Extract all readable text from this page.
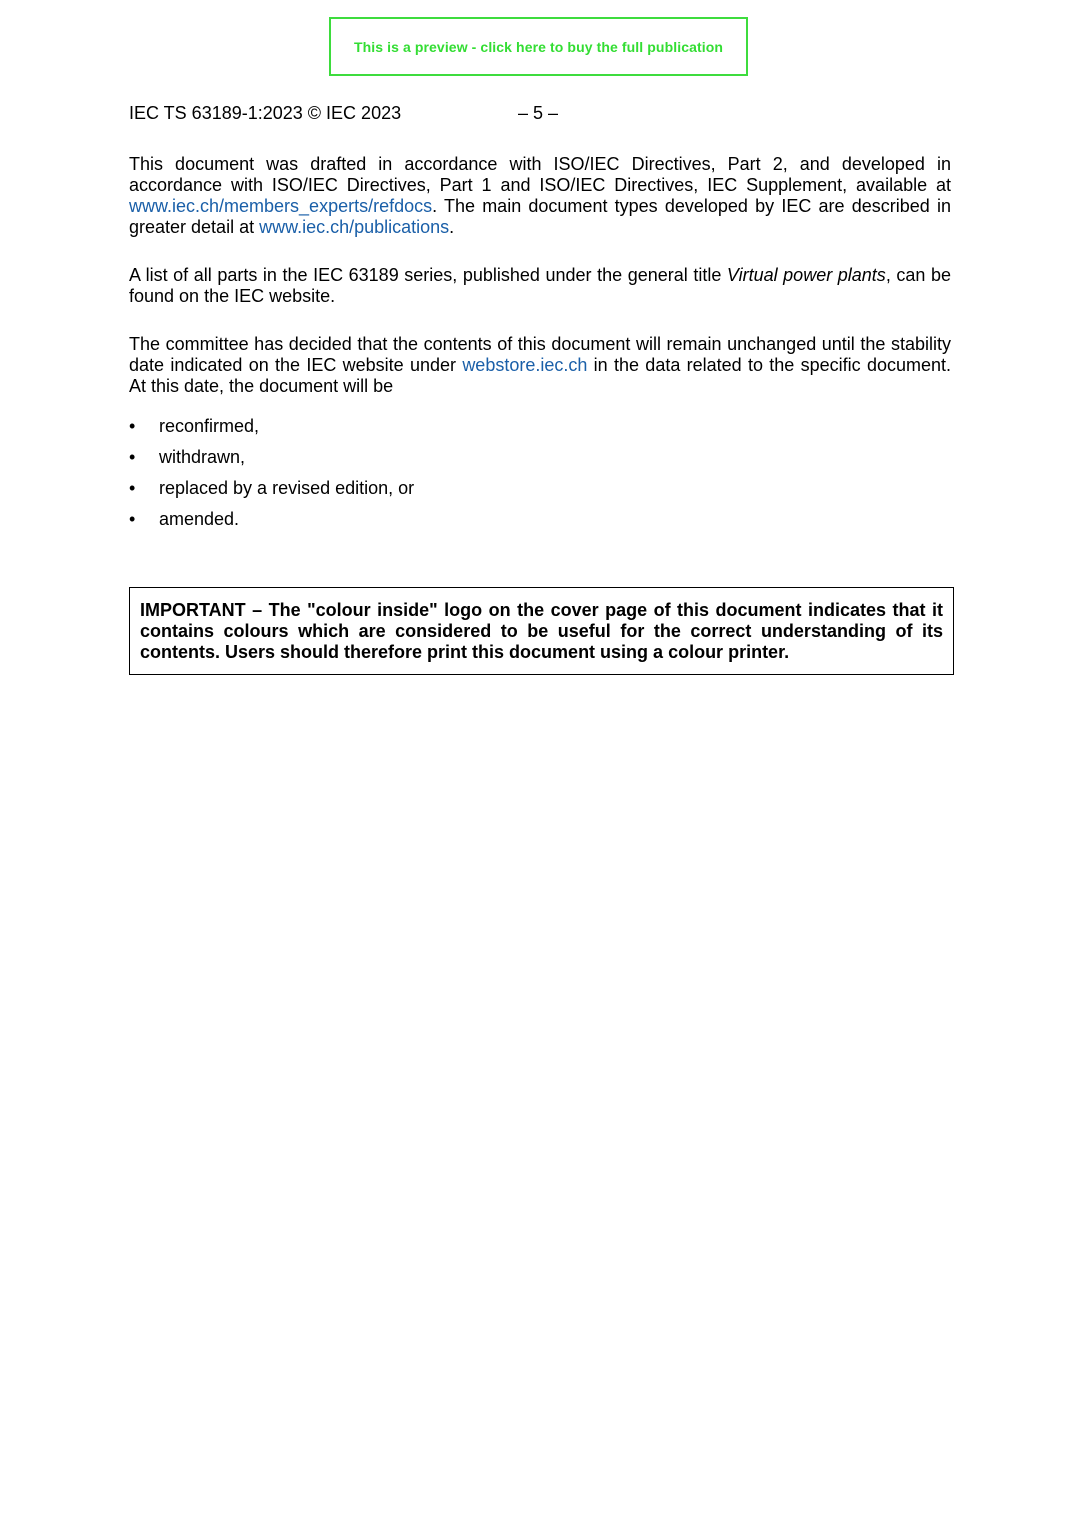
This is a preview - click here to buy the full publication
IEC TS 63189-1:2023 © IEC 2023	– 5 –

This document was drafted in accordance with ISO/IEC Directives, Part 2, and developed in accordance with ISO/IEC Directives, Part 1 and ISO/IEC Directives, IEC Supplement, available at www.iec.ch/members_experts/refdocs. The main document types developed by IEC are described in greater detail at www.iec.ch/publications.

A list of all parts in the IEC 63189 series, published under the general title Virtual power plants, can be found on the IEC website.

The committee has decided that the contents of this document will remain unchanged until the stability date indicated on the IEC website under webstore.iec.ch in the data related to the specific document. At this date, the document will be

• reconfirmed,
• withdrawn,
• replaced by a revised edition, or
• amended.

IMPORTANT – The "colour inside" logo on the cover page of this document indicates that it contains colours which are considered to be useful for the correct understanding of its contents. Users should therefore print this document using a colour printer.
